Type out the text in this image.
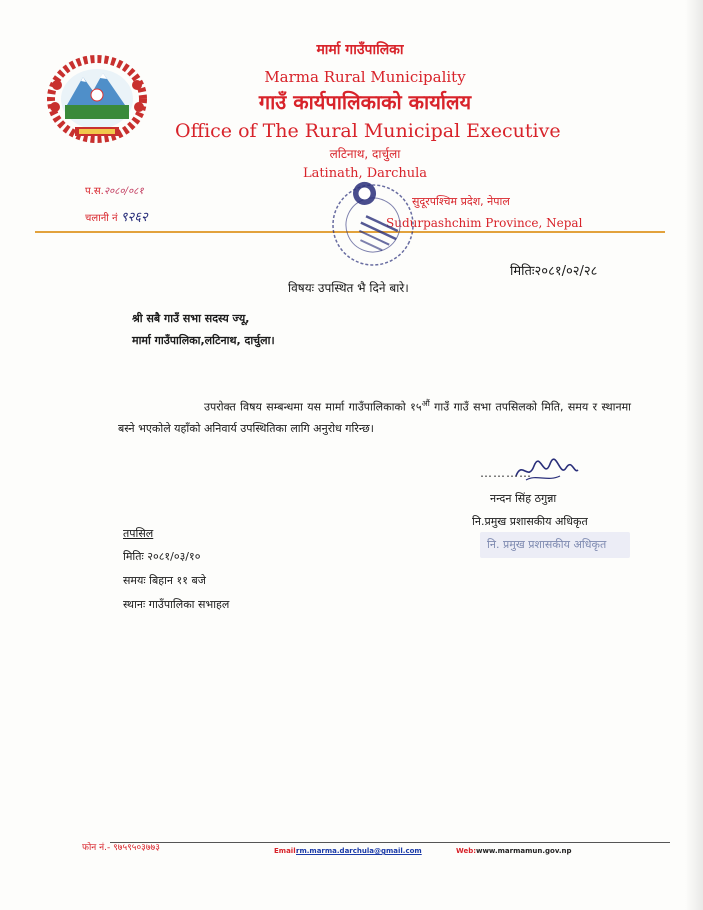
मार्मा गाउँपालिका
Marma Rural Municipality
गाउँ कार्यपालिकाको कार्यालय
Office of The Rural Municipal Executive
लटिनाथ, दार्चुला
Latinath, Darchula
प.स.२०८०/०८१
चलानी नं ९२६२
सुदूरपश्चिम प्रदेश, नेपाल
Sudurpashchim Province, Nepal
मितिः२०८१/०२/२८
विषयः उपस्थित भै दिने बारे।
श्री सबै गाउँ सभा सदस्य ज्यू,
मार्मा गाउँपालिका,लटिनाथ, दार्चुला।
उपरोक्त विषय सम्बन्धमा यस मार्मा गाउँपालिकाको $१५^{औं}$ गाउँ गाउँ सभा तपसिलको मिति, समय र स्थानमा बस्ने भएकोले यहाँको अनिवार्य उपस्थितिका लागि अनुरोध गरिन्छ।
…………
नन्दन सिंह ठगुन्ना
नि.प्रमुख प्रशासकीय अधिकृत
नि. प्रमुख प्रशासकीय अधिकृत
तपसिल
मितिः २०८१/०३/१०
समयः बिहान ११ बजे
स्थानः गाउँपालिका सभाहल
फोन नं.- ९७५९५०३७७३	Email:
rm.marma.darchula@gmail.com	Web: www.marmamun.gov.np
